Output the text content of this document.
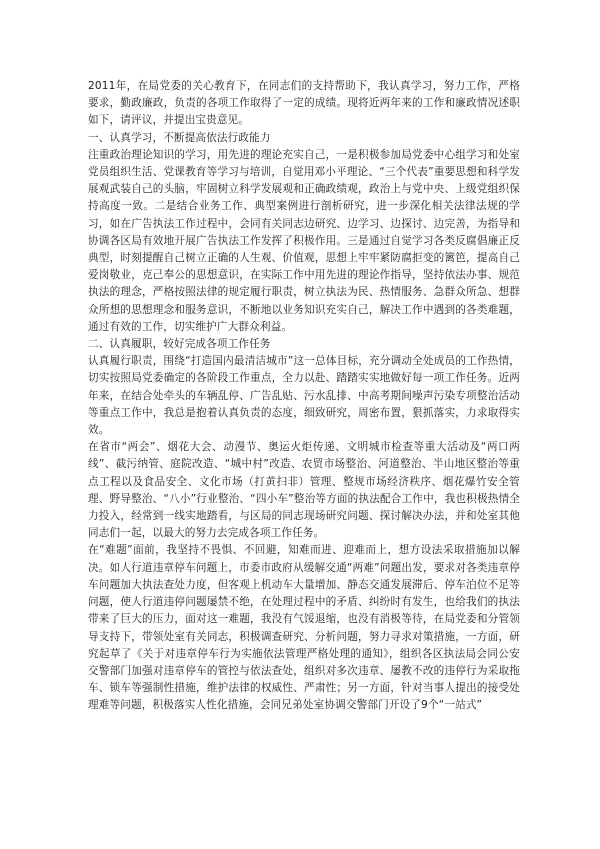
2011年，在局党委的关心教育下，在同志们的支持帮助下，我认真学习，努力工作，严格要求，勤政廉政，负责的各项工作取得了一定的成绩。现将近两年来的工作和廉政情况述职如下，请评议，并提出宝贵意见。

一、认真学习，不断提高依法行政能力

注重政治理论知识的学习，用先进的理论充实自己，一是积极参加局党委中心组学习和处室党员组织生活、党课教育等学习与培训，自觉用邓小平理论、“三个代表”重要思想和科学发展观武装自己的头脑，牢固树立科学发展观和正确政绩观，政治上与党中央、上级党组织保持高度一致。二是结合业务工作、典型案例进行剖析研究，进一步深化相关法律法规的学习，如在广告执法工作过程中，会同有关同志边研究、边学习、边探讨、边完善，为指导和协调各区局有效地开展广告执法工作发挥了积极作用。三是通过自觉学习各类反腐倡廉正反典型，时刻提醒自己树立正确的人生观、价值观，思想上牢牢紧防腐拒变的篱笆，提高自己爱岗敬业，克己奉公的思想意识，在实际工作中用先进的理论作指导，坚持依法办事、规范执法的理念，严格按照法律的规定履行职责，树立执法为民、热情服务、急群众所急、想群众所想的思想理念和服务意识，不断地以业务知识充实自己，解决工作中遇到的各类难题，通过有效的工作，切实维护广大群众利益。

二、认真履职，较好完成各项工作任务

认真履行职责，围绕“打造国内最清洁城市”这一总体目标，充分调动全处成员的工作热情，切实按照局党委确定的各阶段工作重点，全力以赴、踏踏实实地做好每一项工作任务。近两年来，在结合处牵头的车辆乱停、广告乱贴、污水乱排、中高考期间噪声污染专项整治活动等重点工作中，我总是抱着认真负责的态度，细致研究，周密布置，狠抓落实，力求取得实效。

在省市“两会”、烟花大会、动漫节、奥运火炬传递、文明城市检查等重大活动及“两口两线”、截污纳管、庭院改造、“城中村”改造、农贸市场整治、河道整治、半山地区整治等重点工程以及食品安全、文化市场（打黄扫非）管理、整规市场经济秩序、烟花爆竹安全管理、野导整治、“八小”行业整治、“四小车”整治等方面的执法配合工作中，我也积极热情全力投入，经常到一线实地踏看，与区局的同志现场研究问题、探讨解决办法，并和处室其他同志们一起，以最大的努力去完成各项工作任务。

在“难题”面前，我坚持不畏惧、不回避，知难而进、迎难而上，想方设法采取措施加以解决。如人行道违章停车问题上，市委市政府从缓解交通“两难”问题出发，要求对各类违章停车问题加大执法查处力度，但客观上机动车大量增加、静态交通发展滞后、停车泊位不足等问题，使人行道违停问题屡禁不绝，在处理过程中的矛盾、纠纷时有发生，也给我们的执法带来了巨大的压力，面对这一难题，我没有气馁退缩，也没有消极等待，在局党委和分管领导支持下，带领处室有关同志，积极调查研究、分析问题，努力寻求对策措施，一方面，研究起草了《关于对违章停车行为实施依法管理严格处理的通知》，组织各区执法局会同公安交警部门加强对违章停车的管控与依法查处，组织对多次违章、屡教不改的违停行为采取拖车、锁车等强制性措施，维护法律的权威性、严肃性；另一方面，针对当事人提出的接受处理难等问题，积极落实人性化措施，会同兄弟处室协调交警部门开设了9个“一站式”
